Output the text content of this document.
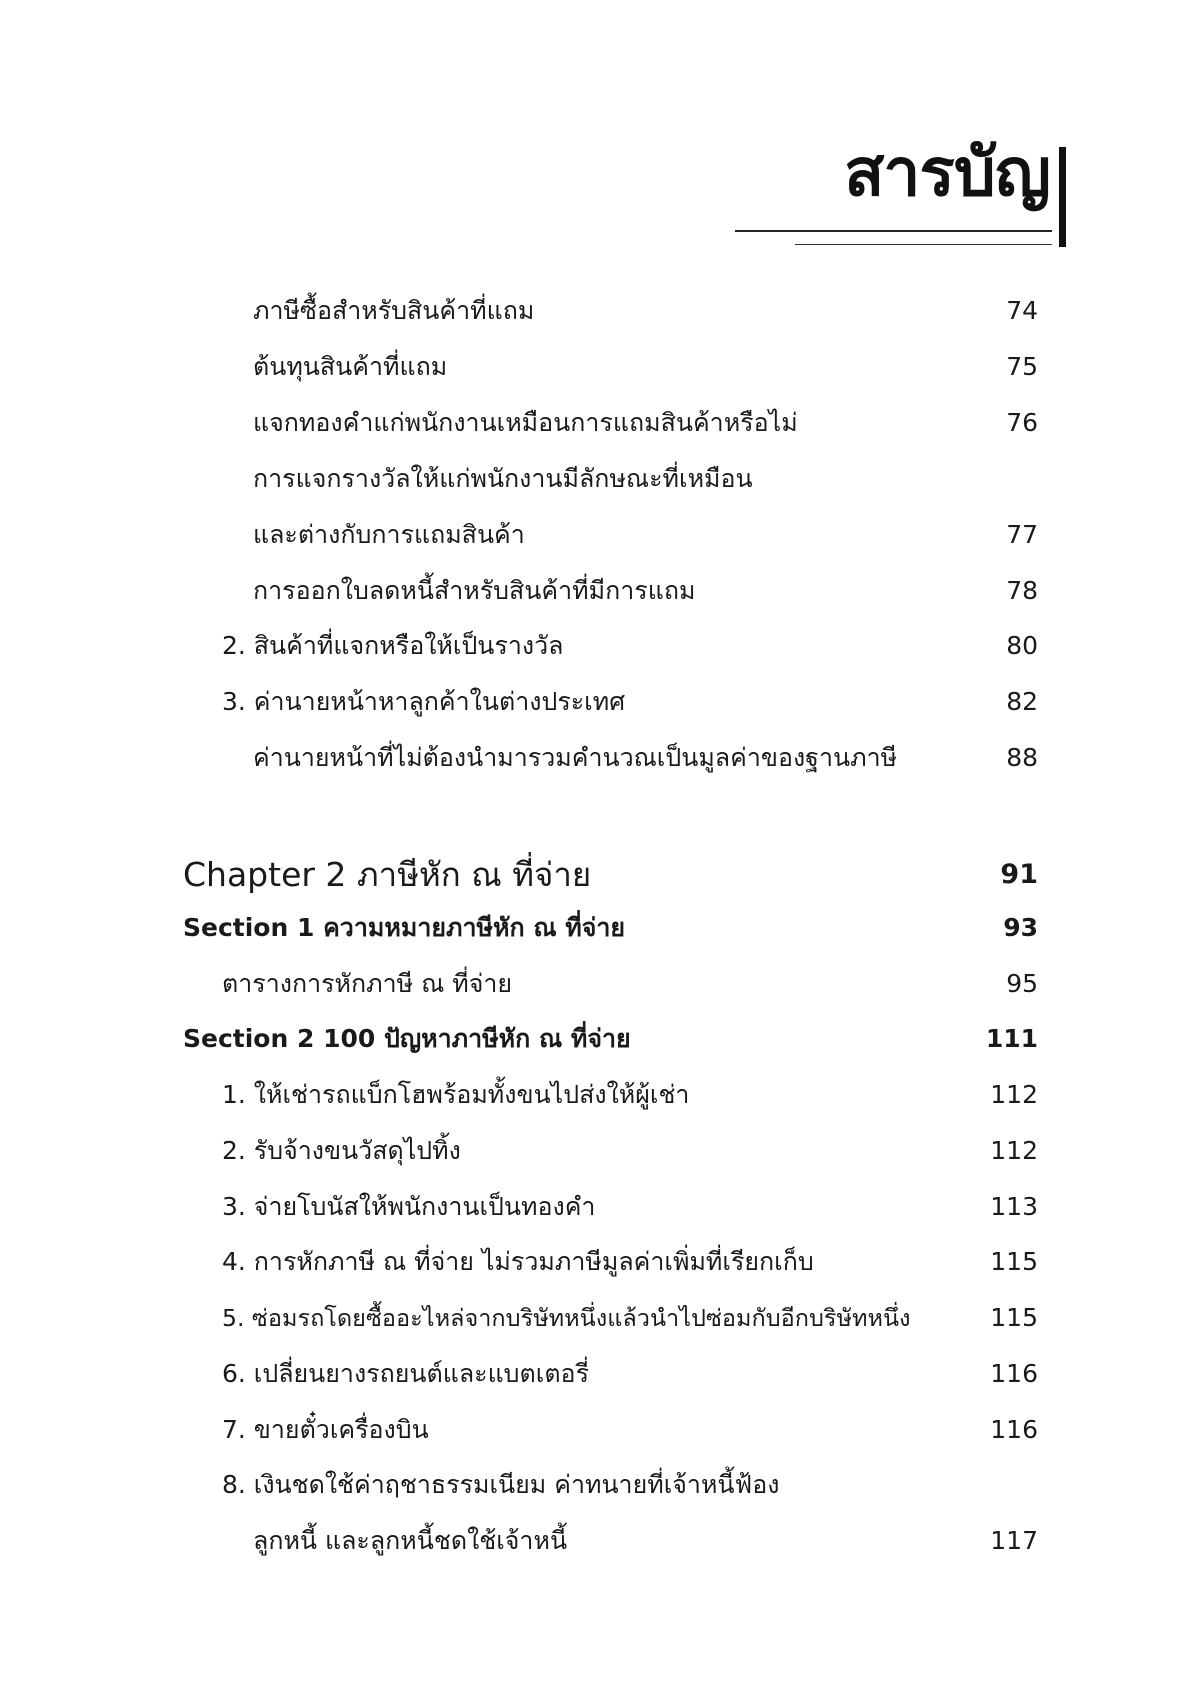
สารบัญ
ภาษีซื้อสำหรับสินค้าที่แถม	74
ต้นทุนสินค้าที่แถม	75
แจกทองคำแก่พนักงานเหมือนการแถมสินค้าหรือไม่	76
การแจกรางวัลให้แก่พนักงานมีลักษณะที่เหมือน
และต่างกับการแถมสินค้า	77
การออกใบลดหนี้สำหรับสินค้าที่มีการแถม	78
2. สินค้าที่แจกหรือให้เป็นรางวัล	80
3. ค่านายหน้าหาลูกค้าในต่างประเทศ	82
ค่านายหน้าที่ไม่ต้องนำมารวมคำนวณเป็นมูลค่าของฐานภาษี	88
Chapter 2 ภาษีหัก ณ ที่จ่าย	91
Section 1 ความหมายภาษีหัก ณ ที่จ่าย	93
ตารางการหักภาษี ณ ที่จ่าย	95
Section 2 100 ปัญหาภาษีหัก ณ ที่จ่าย	111
1. ให้เช่ารถแบ็กโฮพร้อมทั้งขนไปส่งให้ผู้เช่า	112
2. รับจ้างขนวัสดุไปทิ้ง	112
3. จ่ายโบนัสให้พนักงานเป็นทองคำ	113
4. การหักภาษี ณ ที่จ่าย ไม่รวมภาษีมูลค่าเพิ่มที่เรียกเก็บ	115
5. ซ่อมรถโดยซื้ออะไหล่จากบริษัทหนึ่งแล้วนำไปซ่อมกับอีกบริษัทหนึ่ง	115
6. เปลี่ยนยางรถยนต์และแบตเตอรี่	116
7. ขายตั๋วเครื่องบิน	116
8. เงินชดใช้ค่าฤชาธรรมเนียม ค่าทนายที่เจ้าหนี้ฟ้อง
ลูกหนี้ และลูกหนี้ชดใช้เจ้าหนี้	117
